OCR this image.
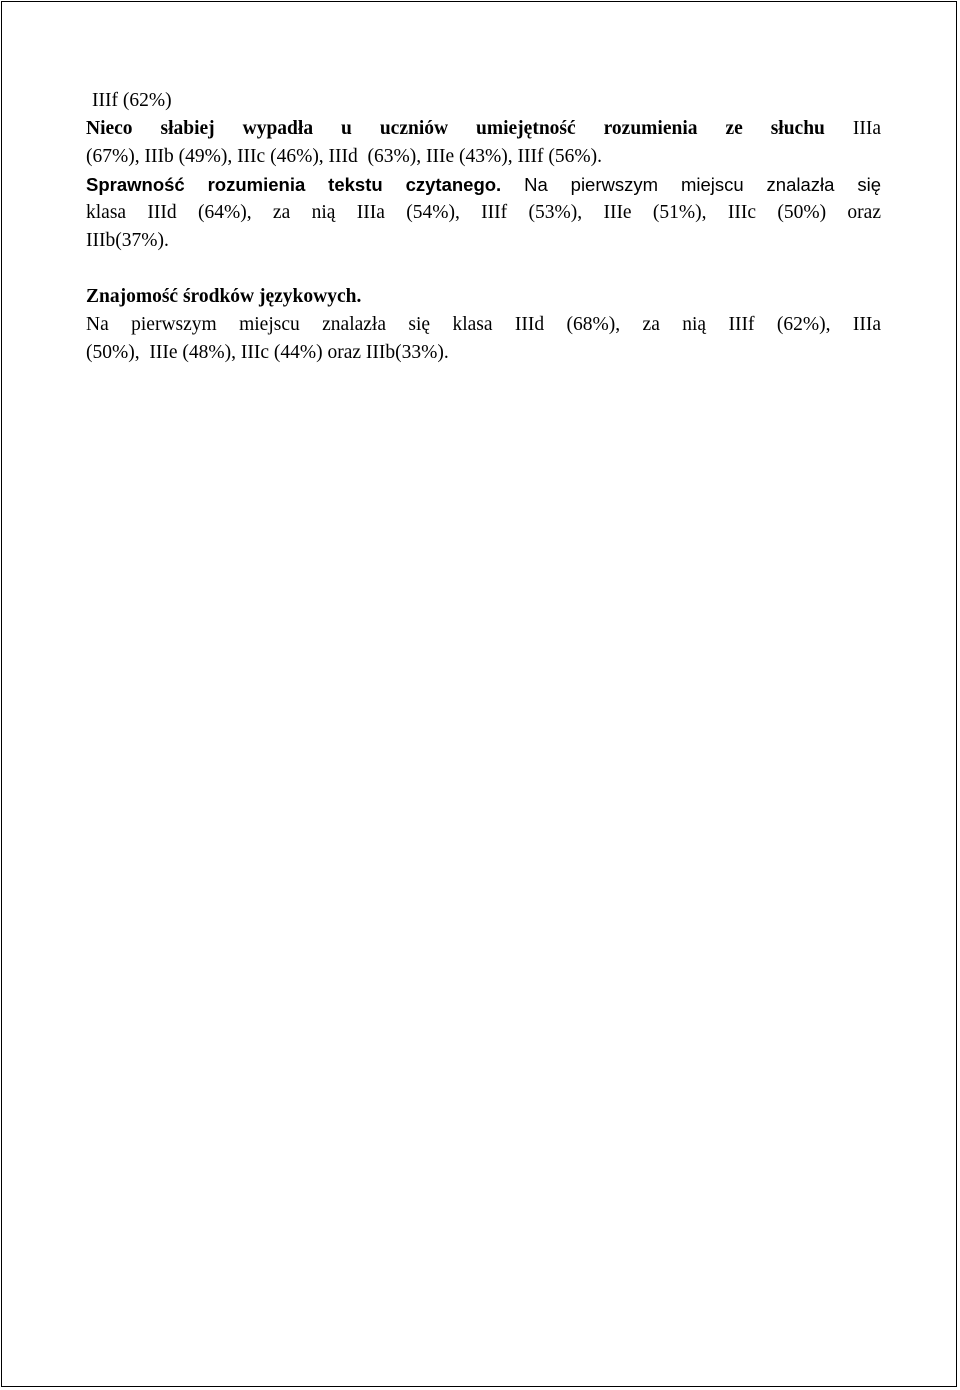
IIIf (62%)
Nieco słabiej wypadła u uczniów umiejętność rozumienia ze słuchu IIIa
(67%), IIIb (49%), IIIc (46%), IIId  (63%), IIIe (43%), IIIf (56%).
Sprawność rozumienia tekstu czytanego. Na pierwszym miejscu znalazła się
klasa IIId (64%), za nią IIIa (54%), IIIf (53%), IIIe (51%), IIIc (50%) oraz
IIIb(37%).
Znajomość środków językowych.
Na pierwszym miejscu znalazła się klasa IIId (68%), za nią IIIf (62%), IIIa
(50%),  IIIe (48%), IIIc (44%) oraz IIIb(33%).
